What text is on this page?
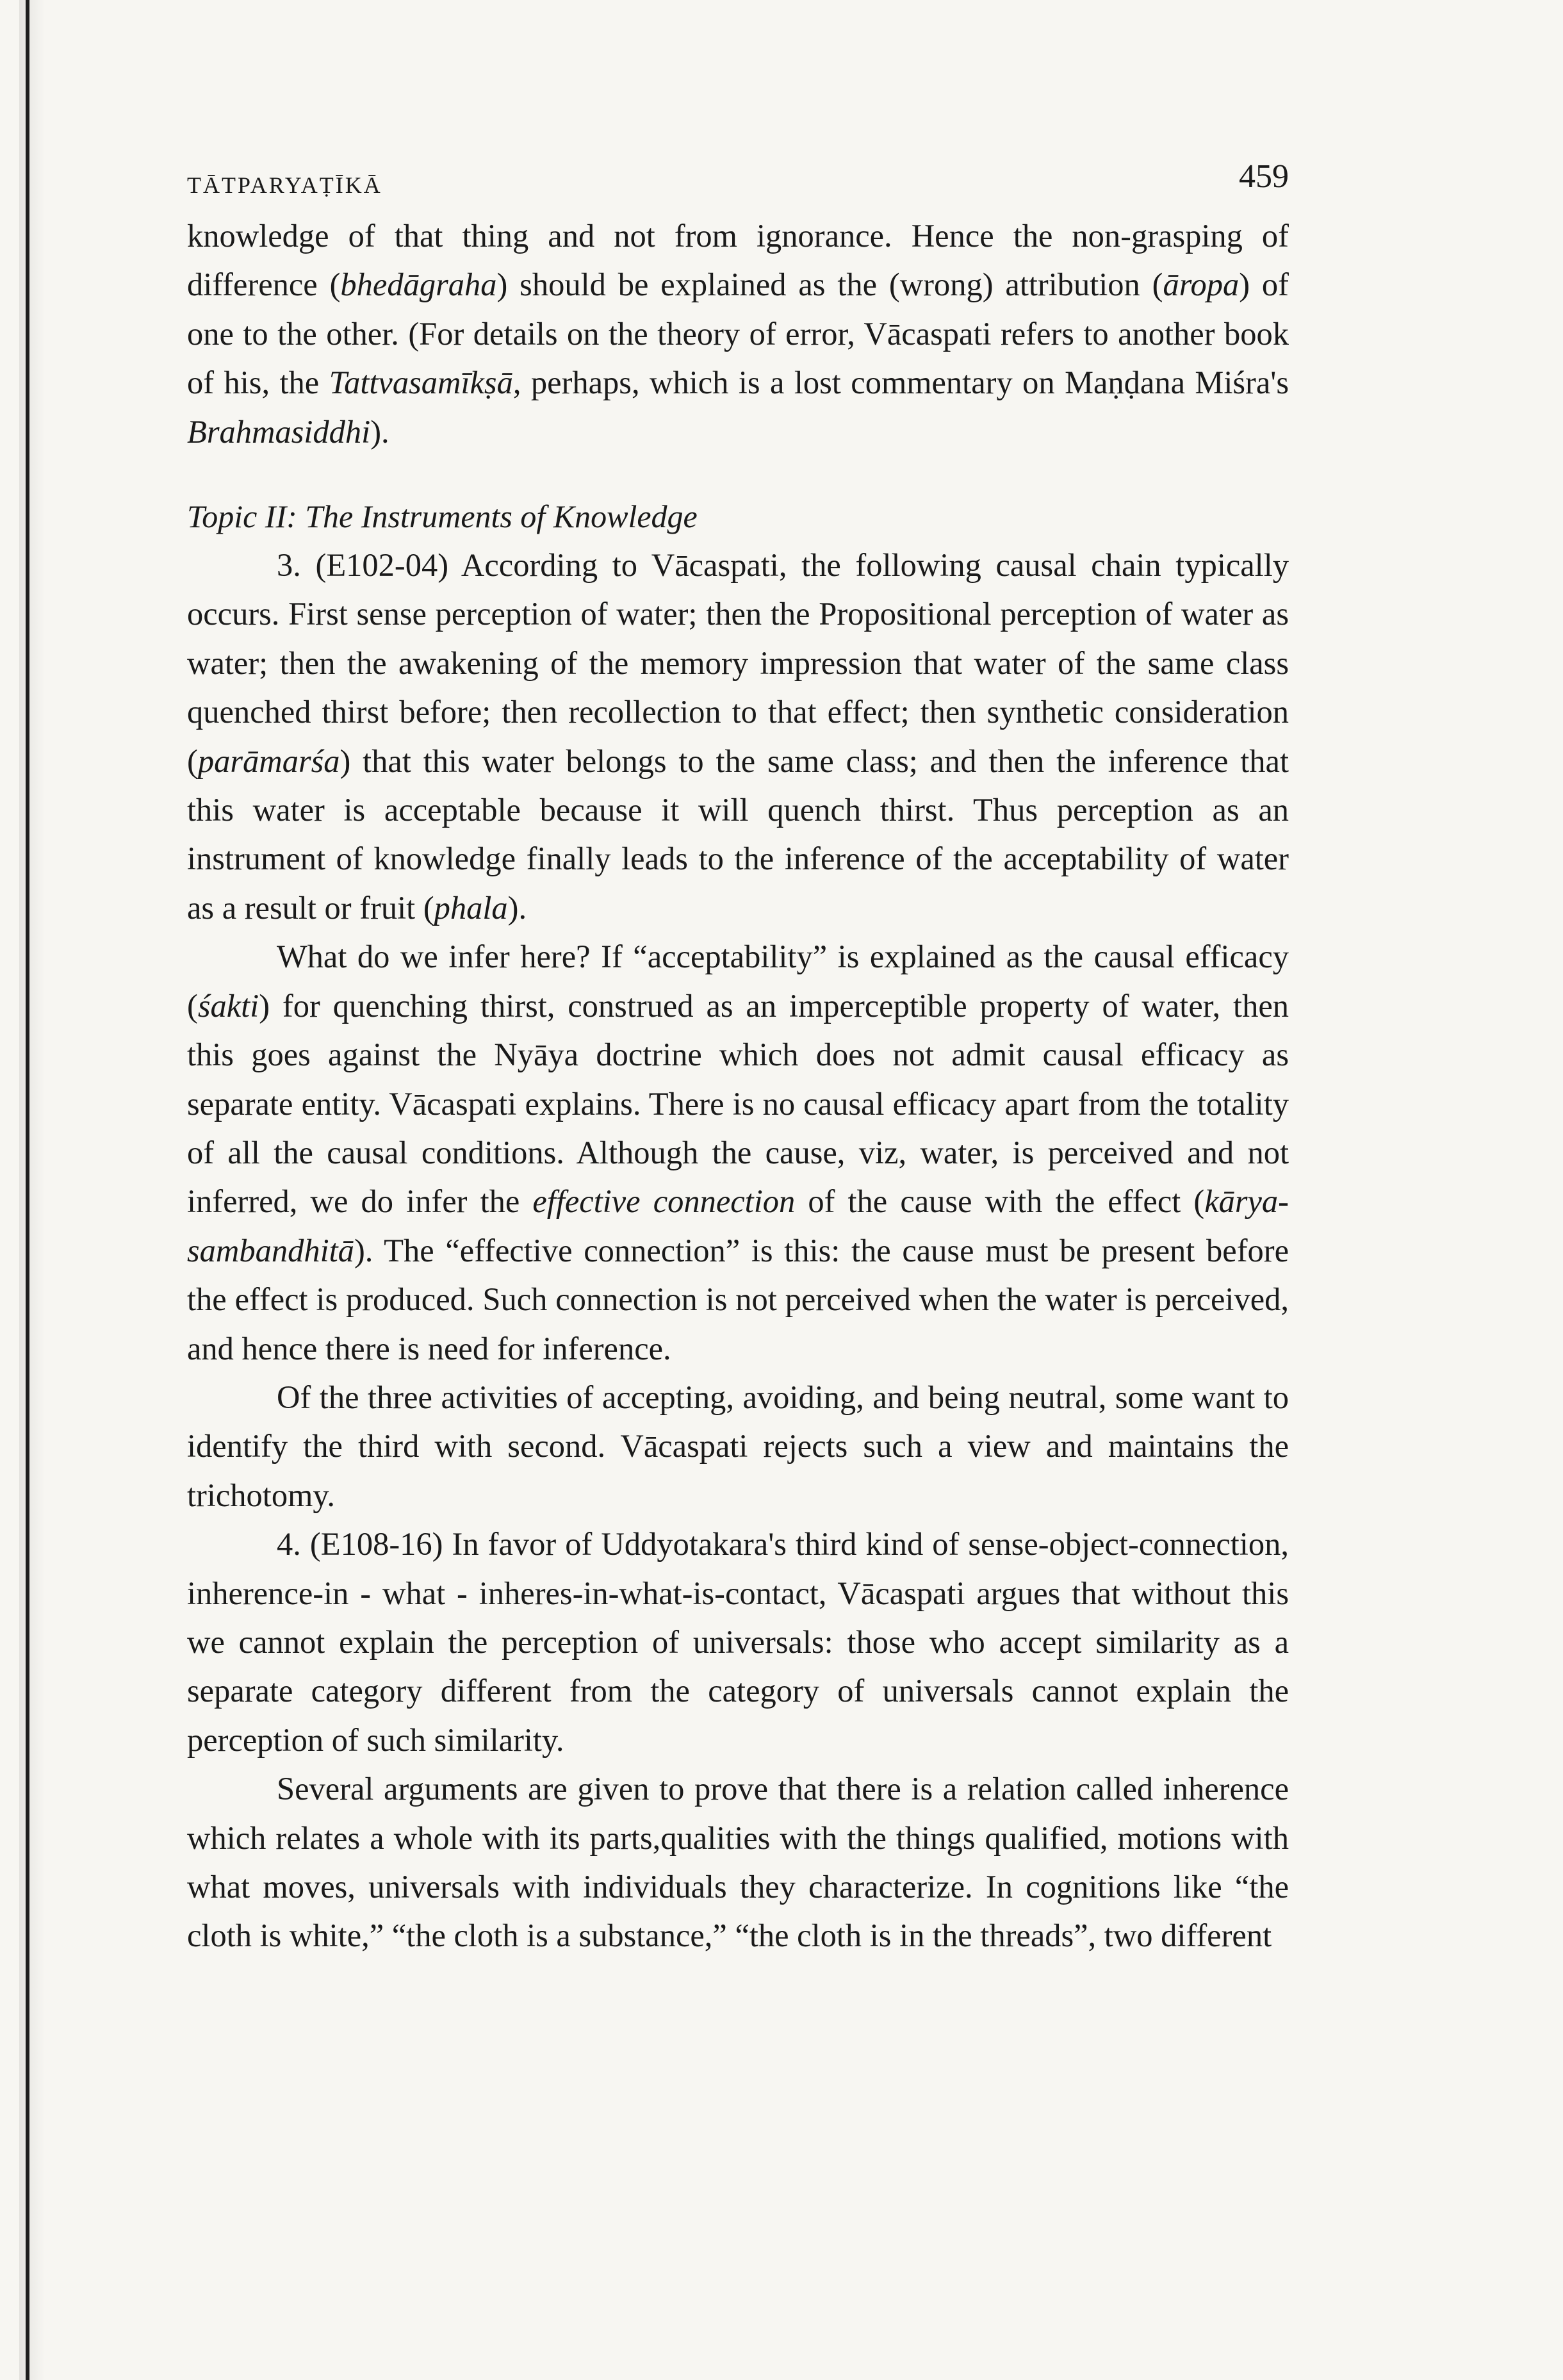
TĀTPARYAṬĪKĀ	459

knowledge of that thing and not from ignorance. Hence the non-grasping of difference (bhedāgraha) should be explained as the (wrong) attribution (āropa) of one to the other. (For details on the theory of error, Vācaspati refers to another book of his, the Tattvasamīkṣā, perhaps, which is a lost commentary on Maṇḍana Miśra's Brahmasiddhi).

Topic II: The Instruments of Knowledge

3. (E102-04) According to Vācaspati, the following causal chain typically occurs. First sense perception of water; then the Propositional perception of water as water; then the awakening of the memory impression that water of the same class quenched thirst before; then recollection to that effect; then synthetic consideration (parāmarśa) that this water belongs to the same class; and then the inference that this water is acceptable because it will quench thirst. Thus perception as an instrument of knowledge finally leads to the inference of the acceptability of water as a result or fruit (phala).

What do we infer here? If “acceptability” is explained as the causal efficacy (śakti) for quenching thirst, construed as an imperceptible property of water, then this goes against the Nyāya doctrine which does not admit causal efficacy as separate entity. Vācaspati explains. There is no causal efficacy apart from the totality of all the causal conditions. Although the cause, viz, water, is perceived and not inferred, we do infer the effective connection of the cause with the effect (kārya-sambandhitā). The “effective connection” is this: the cause must be present before the effect is produced. Such connection is not perceived when the water is perceived, and hence there is need for inference.

Of the three activities of accepting, avoiding, and being neutral, some want to identify the third with second. Vācaspati rejects such a view and maintains the trichotomy.

4. (E108-16) In favor of Uddyotakara's third kind of sense-object-connection, inherence-in - what - inheres-in-what-is-contact, Vācaspati argues that without this we cannot explain the perception of universals: those who accept similarity as a separate category different from the category of universals cannot explain the perception of such similarity.

Several arguments are given to prove that there is a relation called inherence which relates a whole with its parts,qualities with the things qualified, motions with what moves, universals with individuals they characterize. In cognitions like “the cloth is white,” “the cloth is a substance,” “the cloth is in the threads”, two different
